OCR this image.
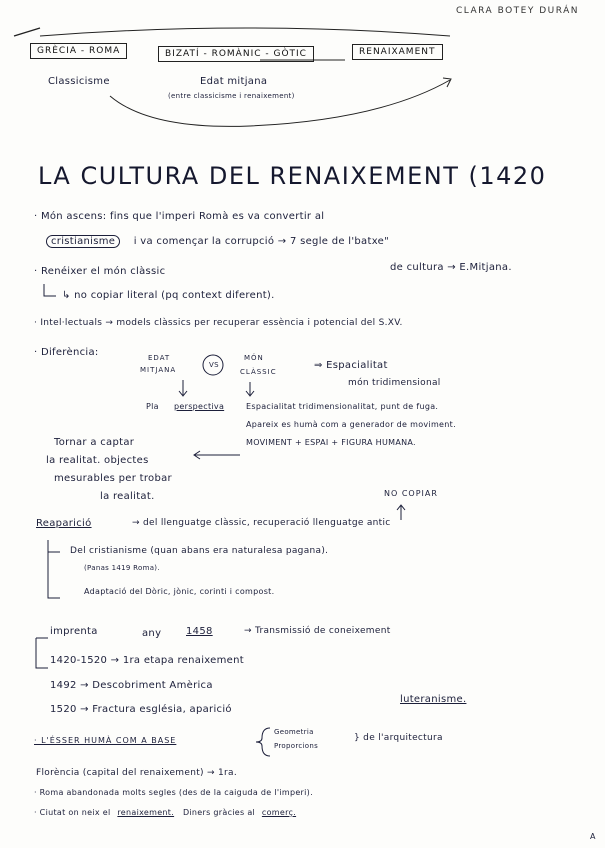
CLARA BOTEY DURÁN
GRÈCIA - ROMA
Classicisme
BIZATÍ - ROMÀNIC - GÒTIC
Edat mitjana
(entre classicisme i renaixement)
RENAIXAMENT
LA CULTURA DEL RENAIXEMENT (1420
· Món ascens: fins que l'imperi Romà es va convertir al
cristianisme i va començar la corrupció → 7 segle de l'batxe"
de cultura → E.Mitjana.
· Renéixer el món clàssic
↳ no copiar literal (pq context diferent).
· Intel·lectuals → models clàssics per recuperar essència i potencial del S.XV.
· Diferència:	EDAT
MITJANA
VS
MÓN
CLÀSSIC
⇒ Espacialitat
món tridimensional
Pla perspectiva	Espacialitat tridimensionalitat, punt de fuga.
Apareix es humà com a generador de moviment.
MOVIMENT + ESPAI + FIGURA HUMANA.
Tornar a captar
la realitat. objectes
mesurables per trobar
la realitat.	NO COPIAR
Reaparició	→ del llenguatge clàssic, recuperació llenguatge antic
Del cristianisme (quan abans era naturalesa pagana).
(Panas 1419 Roma).
Adaptació del Dòric, jònic, corinti i compost.
imprenta	any 1458	→ Transmissió de coneixement
1420-1520 → 1ra etapa renaixement
1492 → Descobriment Amèrica
1520 → Fractura església, aparició
luteranisme.
· L'ÉSSER HUMÀ COM A BASE
Geometria
Proporcions
} de l'arquitectura
Florència (capital del renaixement) → 1ra.
· Roma abandonada molts segles (des de la caiguda de l'imperi).
· Ciutat on neix el renaixement. Diners gràcies al comerç.
A
